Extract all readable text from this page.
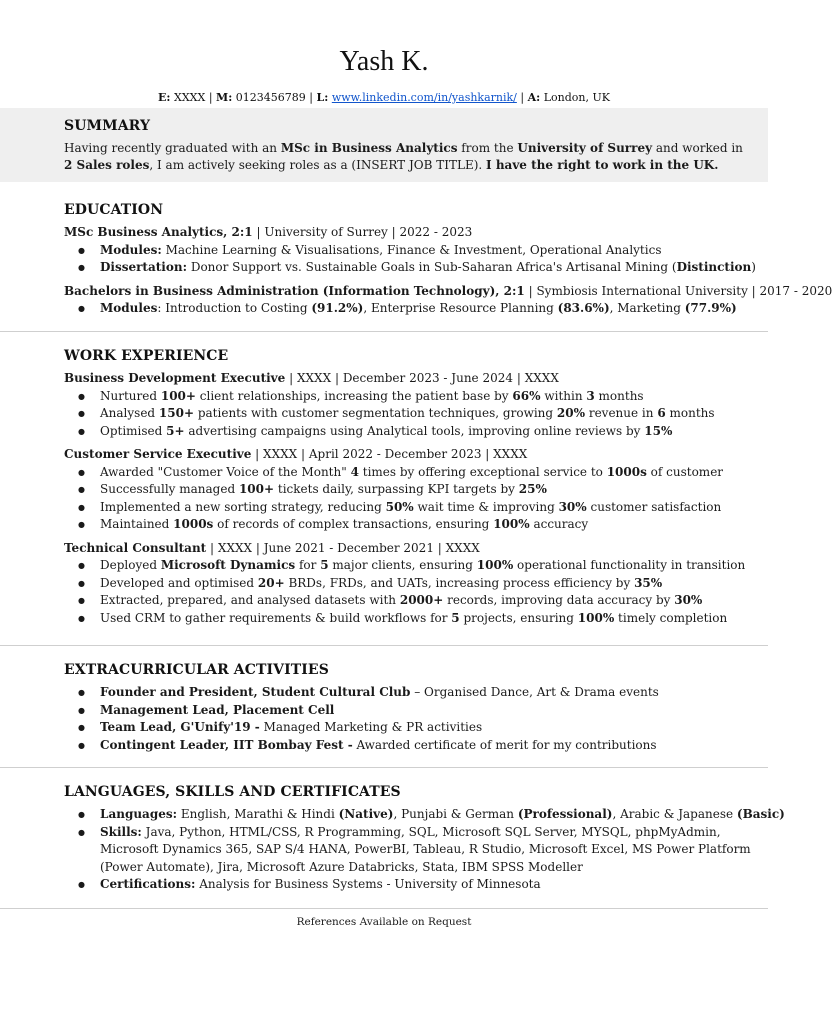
Yash K.
E: XXXX | M: 0123456789 | L: www.linkedin.com/in/yashkarnik/ | A: London, UK
SUMMARY

Having recently graduated with an MSc in Business Analytics from the University of Surrey and worked in 2 Sales roles, I am actively seeking roles as a (INSERT JOB TITLE). I have the right to work in the UK.

EDUCATION

MSc Business Analytics, 2:1 | University of Surrey | 2022 - 2023

● Modules: Machine Learning & Visualisations, Finance & Investment, Operational Analytics
● Dissertation: Donor Support vs. Sustainable Goals in Sub-Saharan Africa's Artisanal Mining (Distinction)

Bachelors in Business Administration (Information Technology), 2:1 | Symbiosis International University | 2017 - 2020

● Modules: Introduction to Costing (91.2%), Enterprise Resource Planning (83.6%), Marketing (77.9%)
WORK EXPERIENCE

Business Development Executive | XXXX | December 2023 - June 2024 | XXXX

● Nurtured 100+ client relationships, increasing the patient base by 66% within 3 months
● Analysed 150+ patients with customer segmentation techniques, growing 20% revenue in 6 months
● Optimised 5+ advertising campaigns using Analytical tools, improving online reviews by 15%

Customer Service Executive | XXXX | April 2022 - December 2023 | XXXX

● Awarded "Customer Voice of the Month" 4 times by offering exceptional service to 1000s of customer
● Successfully managed 100+ tickets daily, surpassing KPI targets by 25%
● Implemented a new sorting strategy, reducing 50% wait time & improving 30% customer satisfaction
● Maintained 1000s of records of complex transactions, ensuring 100% accuracy

Technical Consultant | XXXX | June 2021 - December 2021 | XXXX

● Deployed Microsoft Dynamics for 5 major clients, ensuring 100% operational functionality in transition
● Developed and optimised 20+ BRDs, FRDs, and UATs, increasing process efficiency by 35%
● Extracted, prepared, and analysed datasets with 2000+ records, improving data accuracy by 30%
● Used CRM to gather requirements & build workflows for 5 projects, ensuring 100% timely completion
EXTRACURRICULAR ACTIVITIES
● Founder and President, Student Cultural Club – Organised Dance, Art & Drama events
● Management Lead, Placement Cell
● Team Lead, G'Unify'19 - Managed Marketing & PR activities
● Contingent Leader, IIT Bombay Fest - Awarded certificate of merit for my contributions
LANGUAGES, SKILLS AND CERTIFICATES
● Languages: English, Marathi & Hindi (Native), Punjabi & German (Professional), Arabic & Japanese (Basic)
● Skills: Java, Python, HTML/CSS, R Programming, SQL, Microsoft SQL Server, MYSQL, phpMyAdmin, Microsoft Dynamics 365, SAP S/4 HANA, PowerBI, Tableau, R Studio, Microsoft Excel, MS Power Platform (Power Automate), Jira, Microsoft Azure Databricks, Stata, IBM SPSS Modeller
● Certifications: Analysis for Business Systems - University of Minnesota
References Available on Request
